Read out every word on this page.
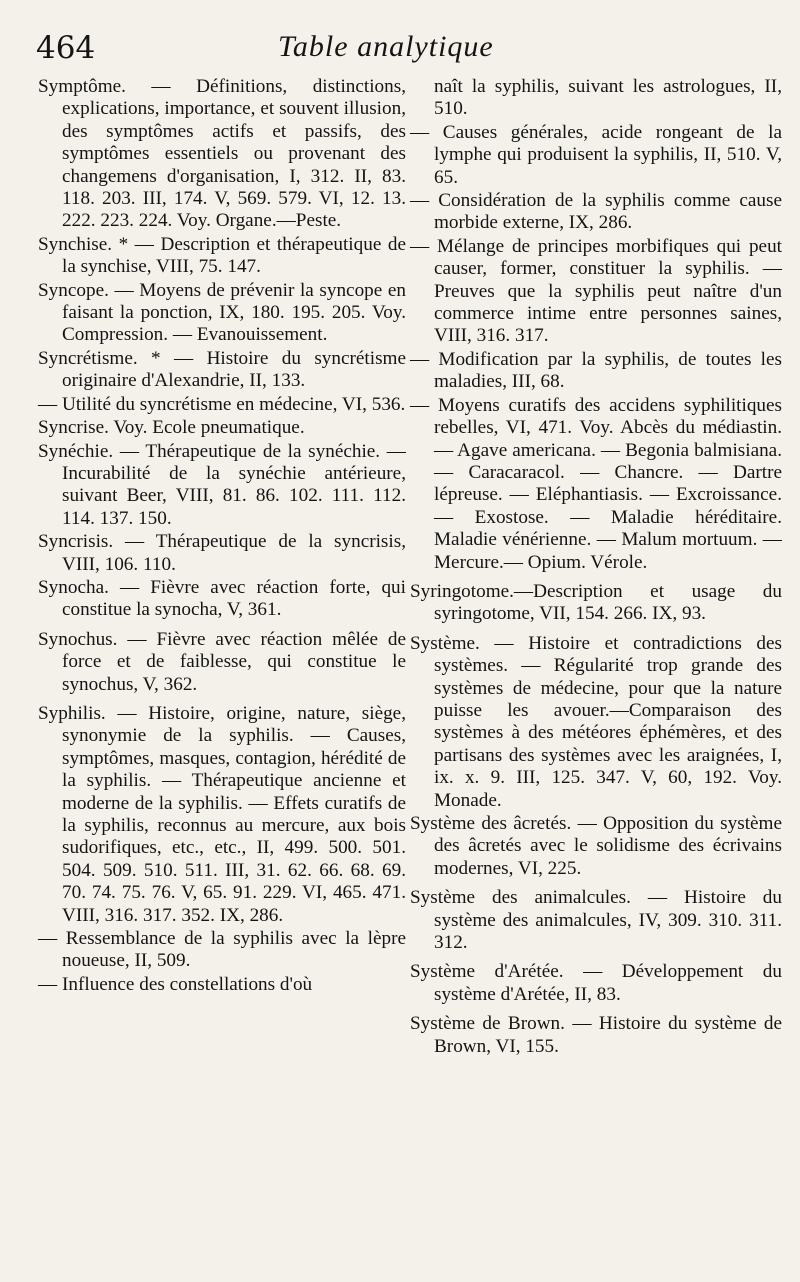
464	Table analytique

Symptôme. — Définitions, distinctions, explications, importance, et souvent illusion, des symptômes actifs et passifs, des symptômes essentiels ou provenant des changemens d'organisation, I, 312. II, 83. 118. 203. III, 174. V, 569. 579. VI, 12. 13. 222. 223. 224. Voy. Organe.—Peste.

Synchise. * — Description et thérapeutique de la synchise, VIII, 75. 147.

Syncope. — Moyens de prévenir la syncope en faisant la ponction, IX, 180. 195. 205. Voy. Compression. — Evanouissement.

Syncrétisme. * — Histoire du syncrétisme originaire d'Alexandrie, II, 133.

— Utilité du syncrétisme en médecine, VI, 536.

Syncrise. Voy. Ecole pneumatique.

Synéchie. — Thérapeutique de la synéchie. — Incurabilité de la synéchie antérieure, suivant Beer, VIII, 81. 86. 102. 111. 112. 114. 137. 150.

Syncrisis. — Thérapeutique de la syncrisis, VIII, 106. 110.

Synocha. — Fièvre avec réaction forte, qui constitue la synocha, V, 361.

Synochus. — Fièvre avec réaction mêlée de force et de faiblesse, qui constitue le synochus, V, 362.

Syphilis. — Histoire, origine, nature, siège, synonymie de la syphilis. — Causes, symptômes, masques, contagion, hérédité de la syphilis. — Thérapeutique ancienne et moderne de la syphilis. — Effets curatifs de la syphilis, reconnus au mercure, aux bois sudorifiques, etc., etc., II, 499. 500. 501. 504. 509. 510. 511. III, 31. 62. 66. 68. 69. 70. 74. 75. 76. V, 65. 91. 229. VI, 465. 471. VIII, 316. 317. 352. IX, 286.

— Ressemblance de la syphilis avec la lèpre noueuse, II, 509.

— Influence des constellations d'où

naît la syphilis, suivant les astrologues, II, 510.

— Causes générales, acide rongeant de la lymphe qui produisent la syphilis, II, 510. V, 65.

— Considération de la syphilis comme cause morbide externe, IX, 286.

— Mélange de principes morbifiques qui peut causer, former, constituer la syphilis. — Preuves que la syphilis peut naître d'un commerce intime entre personnes saines, VIII, 316. 317.

— Modification par la syphilis, de toutes les maladies, III, 68.

— Moyens curatifs des accidens syphilitiques rebelles, VI, 471. Voy. Abcès du médiastin. — Agave americana. — Begonia balmisiana. — Caracaracol. — Chancre. — Dartre lépreuse. — Eléphantiasis. — Excroissance.— Exostose. — Maladie héréditaire. Maladie vénérienne. — Malum mortuum. — Mercure.— Opium. Vérole.

Syringotome.—Description et usage du syringotome, VII, 154. 266. IX, 93.

Système. — Histoire et contradictions des systèmes. — Régularité trop grande des systèmes de médecine, pour que la nature puisse les avouer.—Comparaison des systèmes à des météores éphémères, et des partisans des systèmes avec les araignées, I, ix. x. 9. III, 125. 347. V, 60, 192. Voy. Monade.

Système des âcretés. — Opposition du système des âcretés avec le solidisme des écrivains modernes, VI, 225.

Système des animalcules. — Histoire du système des animalcules, IV, 309. 310. 311. 312.

Système d'Arétée. — Développement du système d'Arétée, II, 83.

Système de Brown. — Histoire du système de Brown, VI, 155.
